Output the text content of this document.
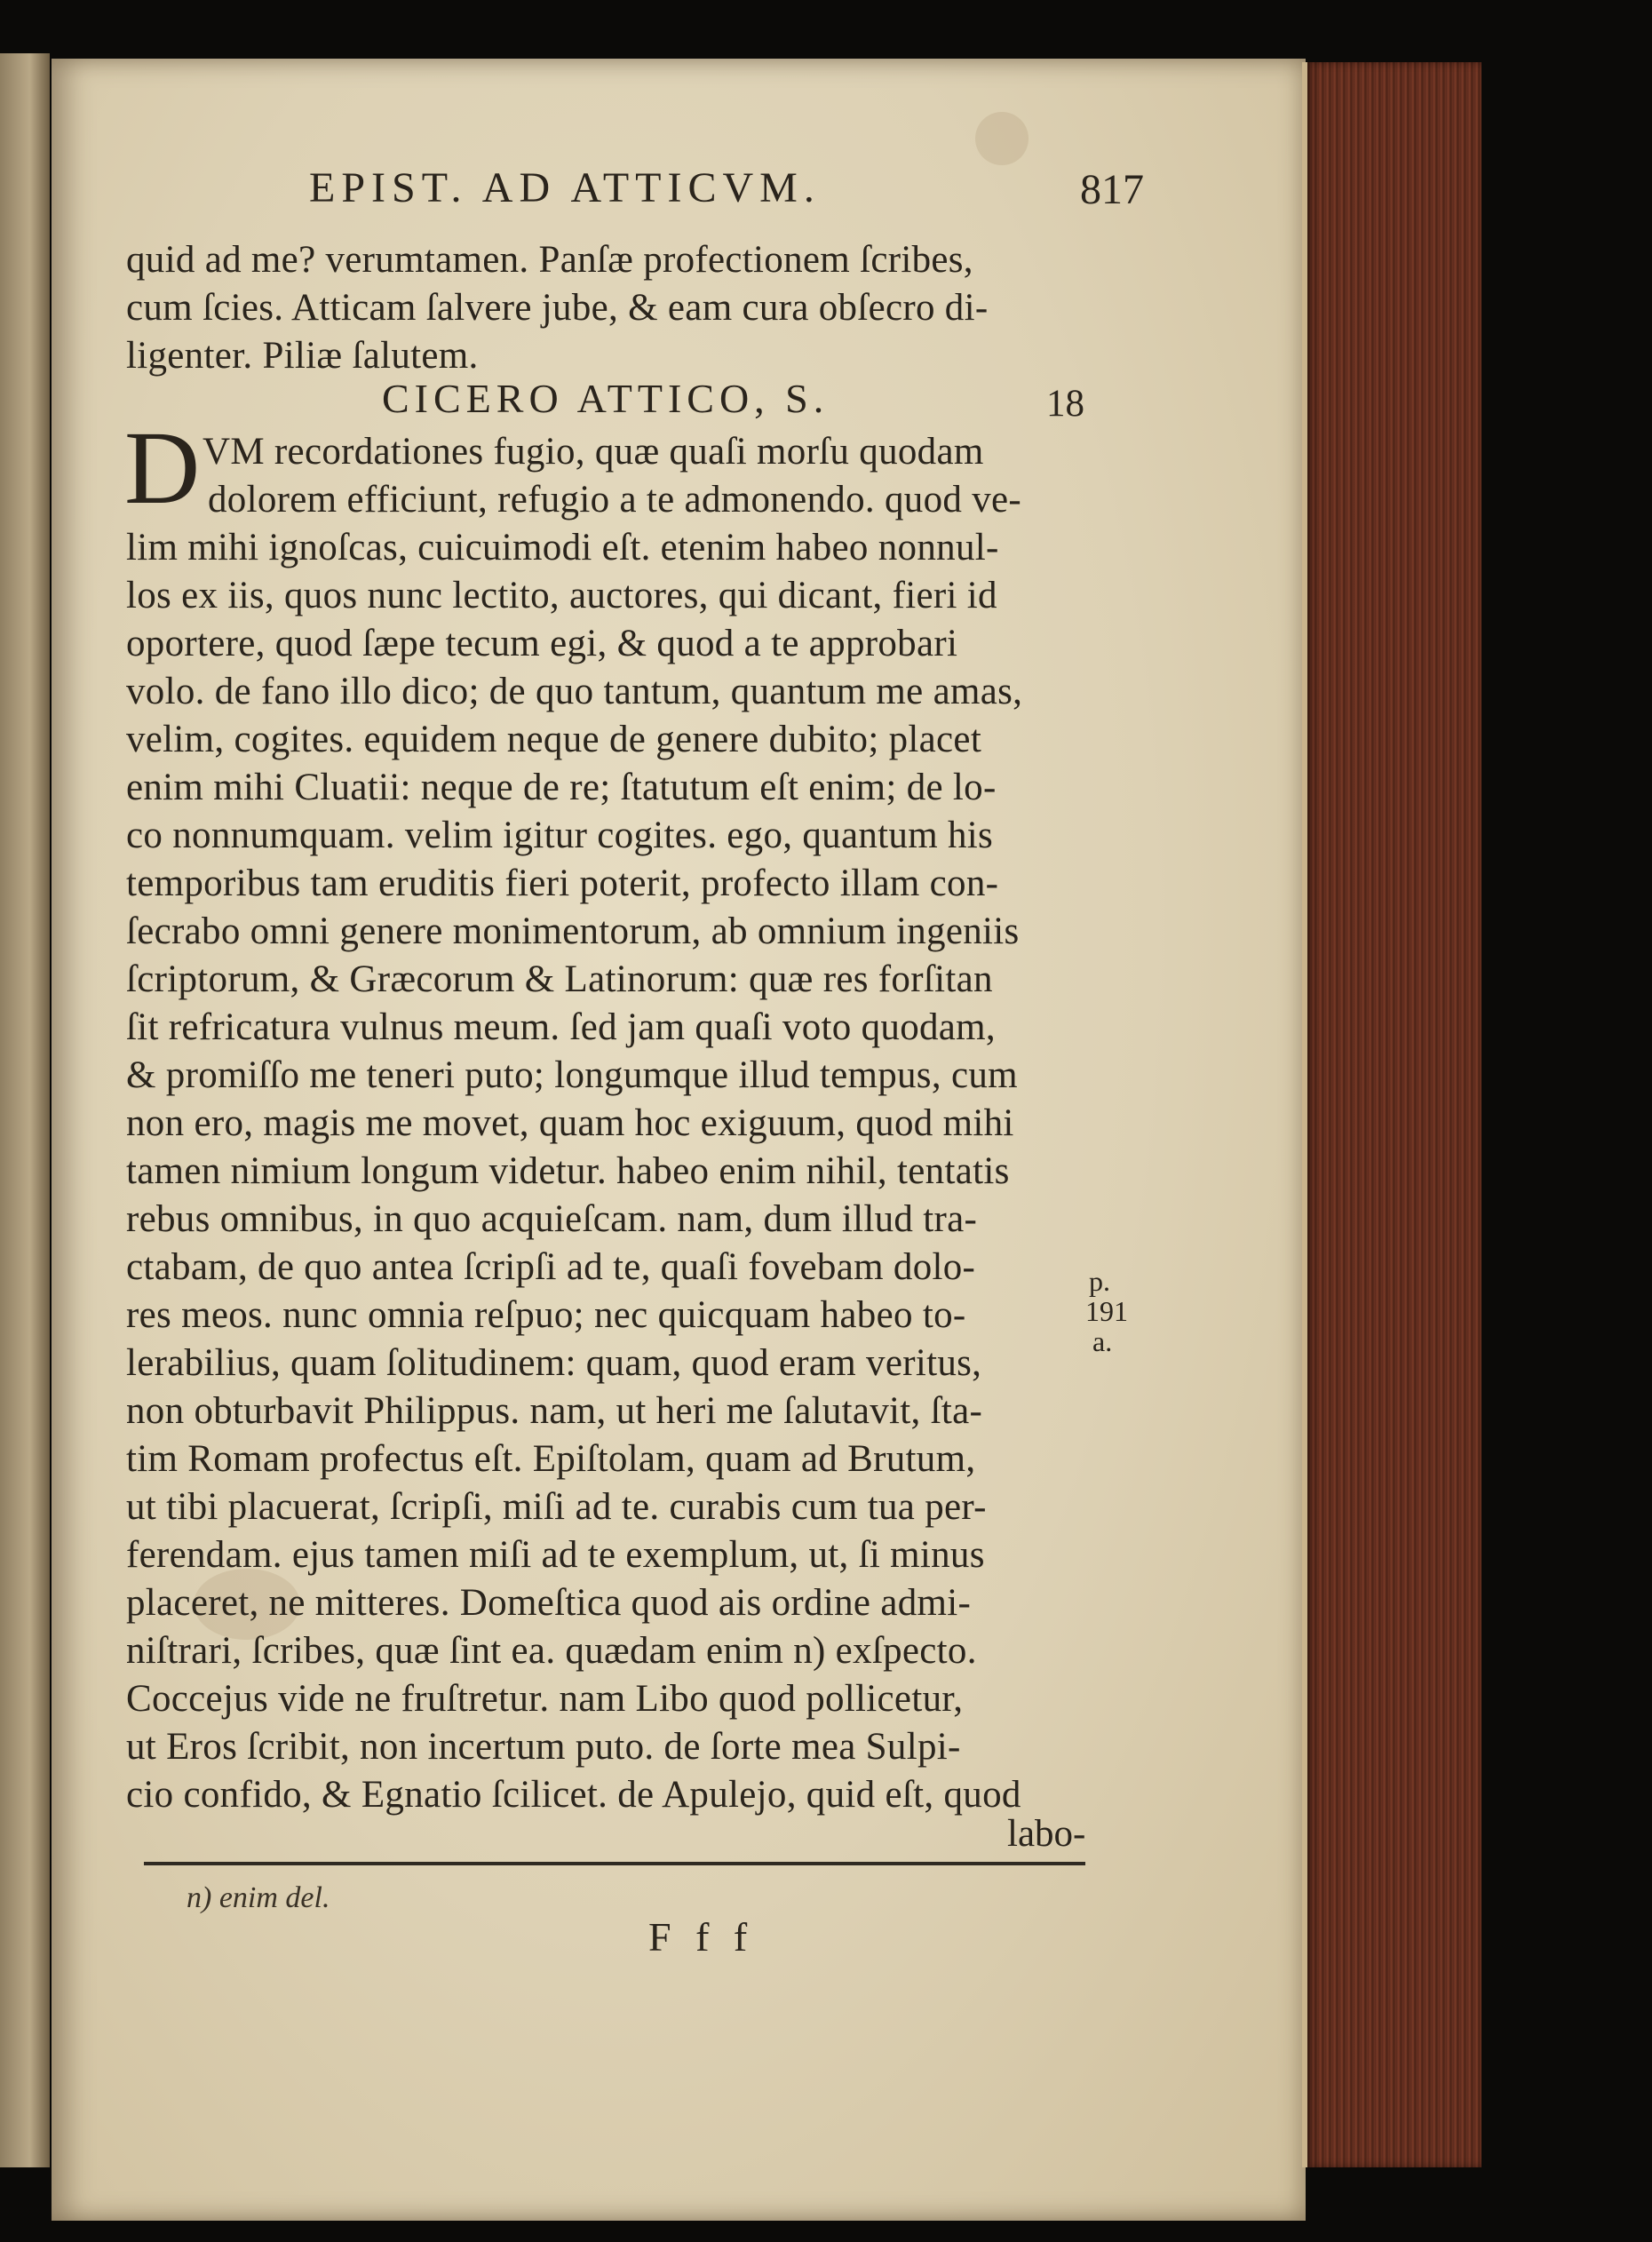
EPIST. AD ATTICVM.	817
quid ad me? verumtamen. Panſæ profectionem ſcribes,
cum ſcies. Atticam ſalvere jube, & eam cura obſecro di-
ligenter. Piliæ ſalutem.
CICERO ATTICO, S.	18
D VM recordationes fugio, quæ quaſi morſu quodam
dolorem efficiunt, refugio a te admonendo. quod ve-
lim mihi ignoſcas, cuicuimodi eſt. etenim habeo nonnul-
los ex iis, quos nunc lectito, auctores, qui dicant, fieri id
oportere, quod ſæpe tecum egi, & quod a te approbari
volo. de fano illo dico; de quo tantum, quantum me amas,
velim, cogites. equidem neque de genere dubito; placet
enim mihi Cluatii: neque de re; ſtatutum eſt enim; de lo-
co nonnumquam. velim igitur cogites. ego, quantum his
temporibus tam eruditis fieri poterit, profecto illam con-
ſecrabo omni genere monimentorum, ab omnium ingeniis
ſcriptorum, & Græcorum & Latinorum: quæ res forſitan
ſit refricatura vulnus meum. ſed jam quaſi voto quodam,
& promiſſo me teneri puto; longumque illud tempus, cum
non ero, magis me movet, quam hoc exiguum, quod mihi
tamen nimium longum videtur. habeo enim nihil, tentatis
rebus omnibus, in quo acquieſcam. nam, dum illud tra-
ctabam, de quo antea ſcripſi ad te, quaſi fovebam dolo-
res meos. nunc omnia reſpuo; nec quicquam habeo to-
lerabilius, quam ſolitudinem: quam, quod eram veritus,
non obturbavit Philippus. nam, ut heri me ſalutavit, ſta-
tim Romam profectus eſt. Epiſtolam, quam ad Brutum,
ut tibi placuerat, ſcripſi, miſi ad te. curabis cum tua per-
ferendam. ejus tamen miſi ad te exemplum, ut, ſi minus
placeret, ne mitteres. Domeſtica quod ais ordine admi-
niſtrari, ſcribes, quæ ſint ea. quædam enim n) exſpecto.
Coccejus vide ne fruſtretur. nam Libo quod pollicetur,
ut Eros ſcribit, non incertum puto. de ſorte mea Sulpi-
cio confido, & Egnatio ſcilicet. de Apulejo, quid eſt, quod
p.
191
a.
labo-
n) enim del.
F f f
